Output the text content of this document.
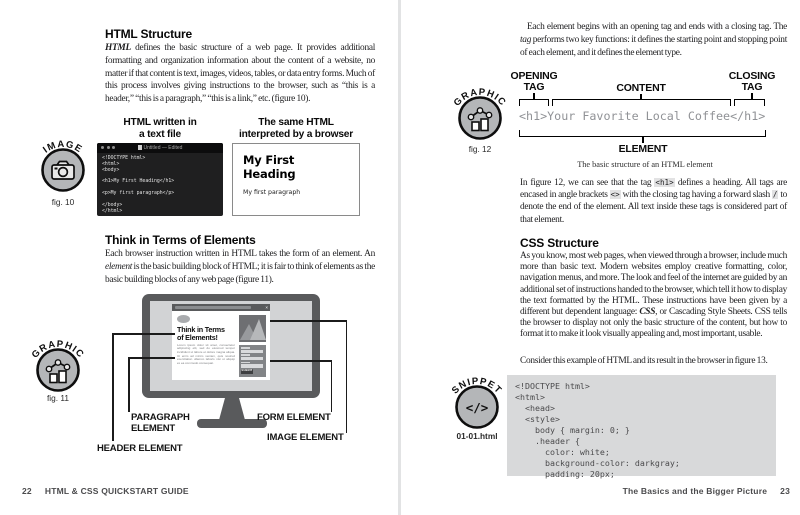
HTML Structure
HTML defines the basic structure of a web page. It provides additional formatting and organization information about the content of a website, no matter if that content is text, images, videos, tables, or data entry forms. Much of this process involves giving instructions to the browser, such as “this is a header,” “this is a paragraph,” “this is a link,” etc. (figure 10).
IMAGE
fig. 10
HTML written in
a text file
The same HTML
interpreted by a browser
Untitled — Edited
<!DOCTYPE html>
<html>
<body>

<h1>My First Heading</h1>

<p>My first paragraph</p>

</body>
</html>
My First Heading
My first paragraph
Think in Terms of Elements
Each browser instruction written in HTML takes the form of an element. An element is the basic building block of HTML; it is fair to think of elements as the basic building blocks of any web page (figure 11).
GRAPHIC
fig. 11
×
Think in Terms
of Elements!
Lorem ipsum dolor sit amet, consectetur adipiscing elit, sed do eiusmod tempor incididunt ut labore et dolore magna aliqua. Ut enim ad minim veniam, quis nostrud exercitation ullamco laboris nisi ut aliquip ex ea commodo consequat.
SUBMIT
PARAGRAPH
ELEMENT
HEADER ELEMENT
FORM ELEMENT
IMAGE ELEMENT
22 HTML & CSS QUICKSTART GUIDE
Each element begins with an opening tag and ends with a closing tag. The tag performs two key functions: it defines the starting point and stopping point of each element, and it defines the element type.
GRAPHIC
fig. 12
OPENING
TAG	CONTENT
CLOSING
TAG
<h1>Your Favorite Local Coffee</h1>
ELEMENT
The basic structure of an HTML element
In figure 12, we can see that the tag <h1> defines a heading. All tags are encased in angle brackets <> with the closing tag having a forward slash / to denote the end of the element. All text inside these tags is considered part of that element.
CSS Structure
As you know, most web pages, when viewed through a browser, include much more than basic text. Modern websites employ creative formatting, color, navigation menus, and more. The look and feel of the internet are guided by an additional set of instructions handed to the browser, which tell it how to display the text formatted by the HTML. These instructions have been given by a different but dependent language: CSS, or Cascading Style Sheets. CSS tells the browser to display not only the basic structure of the content, but how to format it to make it look visually appealing and, most important, usable.
Consider this example of HTML and its result in the browser in figure 13.
SNIPPET
</>
01-01.html
<!DOCTYPE html>
<html>
<head>
<style>
body { margin: 0; }
.header {
color: white;
background-color: darkgray;
padding: 20px;
The Basics and the Bigger Picture 23
